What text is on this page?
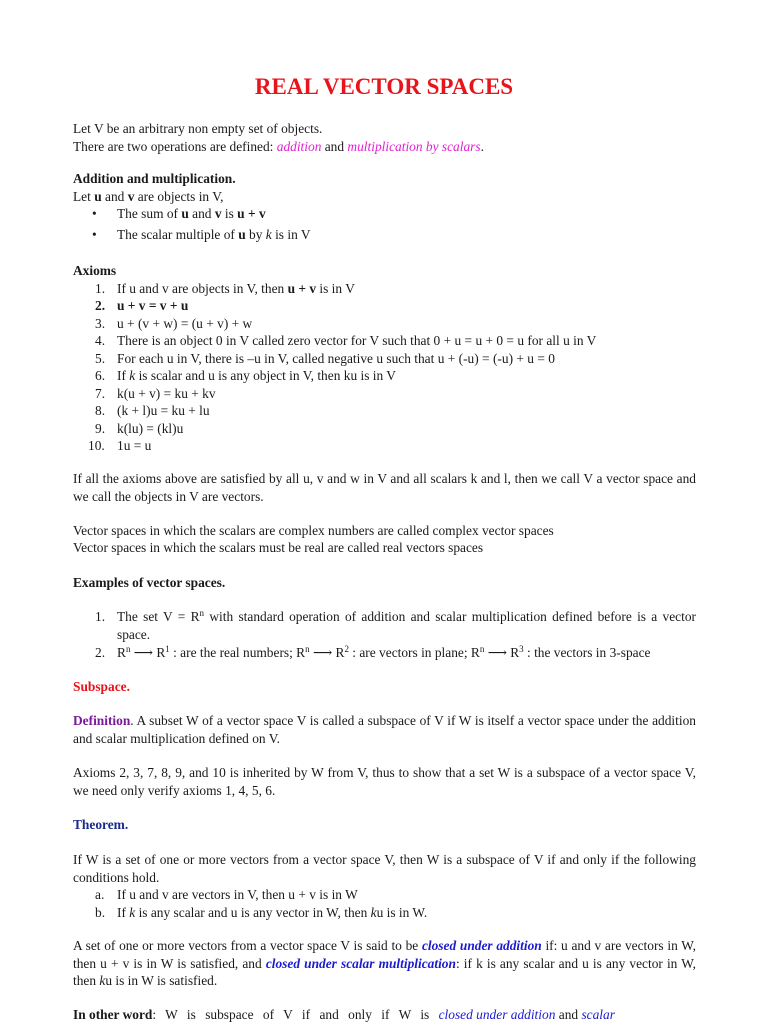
REAL VECTOR SPACES
Let V be an arbitrary non empty set of objects.
There are two operations are defined: addition and multiplication by scalars.
Addition and multiplication.
Let u and v are objects in V,
• The sum of u and v is u + v
• The scalar multiple of u by k is in V
Axioms
1. If u and v are objects in V, then u + v is in V
2. u + v = v + u
3. u + (v + w) = (u + v) + w
4. There is an object 0 in V called zero vector for V such that 0 + u = u + 0 = u for all u in V
5. For each u in V, there is –u in V, called negative u such that u + (-u) = (-u) + u = 0
6. If k is scalar and u is any object in V, then ku is in V
7. k(u + v) = ku + kv
8. (k + l)u = ku + lu
9. k(lu) = (kl)u
10. 1u = u
If all the axioms above are satisfied by all u, v and w in V and all scalars k and l, then we call V a vector space and we call the objects in V are vectors.
Vector spaces in which the scalars are complex numbers are called complex vector spaces
Vector spaces in which the scalars must be real are called real vectors spaces
Examples of vector spaces.
1. The set $V = R^n$ with standard operation of addition and scalar multiplication defined before is a vector space.
2. $R^n$ ⟶ $R^1$ : are the real numbers; $R^n$ ⟶ $R^2$ : are vectors in plane; $R^n$ ⟶ $R^3$ : the vectors in 3-space
Subspace.
Definition. A subset W of a vector space V is called a subspace of V if W is itself a vector space under the addition and scalar multiplication defined on V.
Axioms 2, 3, 7, 8, 9, and 10 is inherited by W from V, thus to show that a set W is a subspace of a vector space V, we need only verify axioms 1, 4, 5, 6.
Theorem.
If W is a set of one or more vectors from a vector space V, then W is a subspace of V if and only if the following conditions hold.
a. If u and v are vectors in V, then u + v is in W
b. If k is any scalar and u is any vector in W, then ku is in W.
A set of one or more vectors from a vector space V is said to be closed under addition if: u and v are vectors in W, then u + v is in W is satisfied, and closed under scalar multiplication: if k is any scalar and u is any vector in W, then ku is in W is satisfied.
In other word: W is subspace of V if and only if W is closed under addition and scalar
